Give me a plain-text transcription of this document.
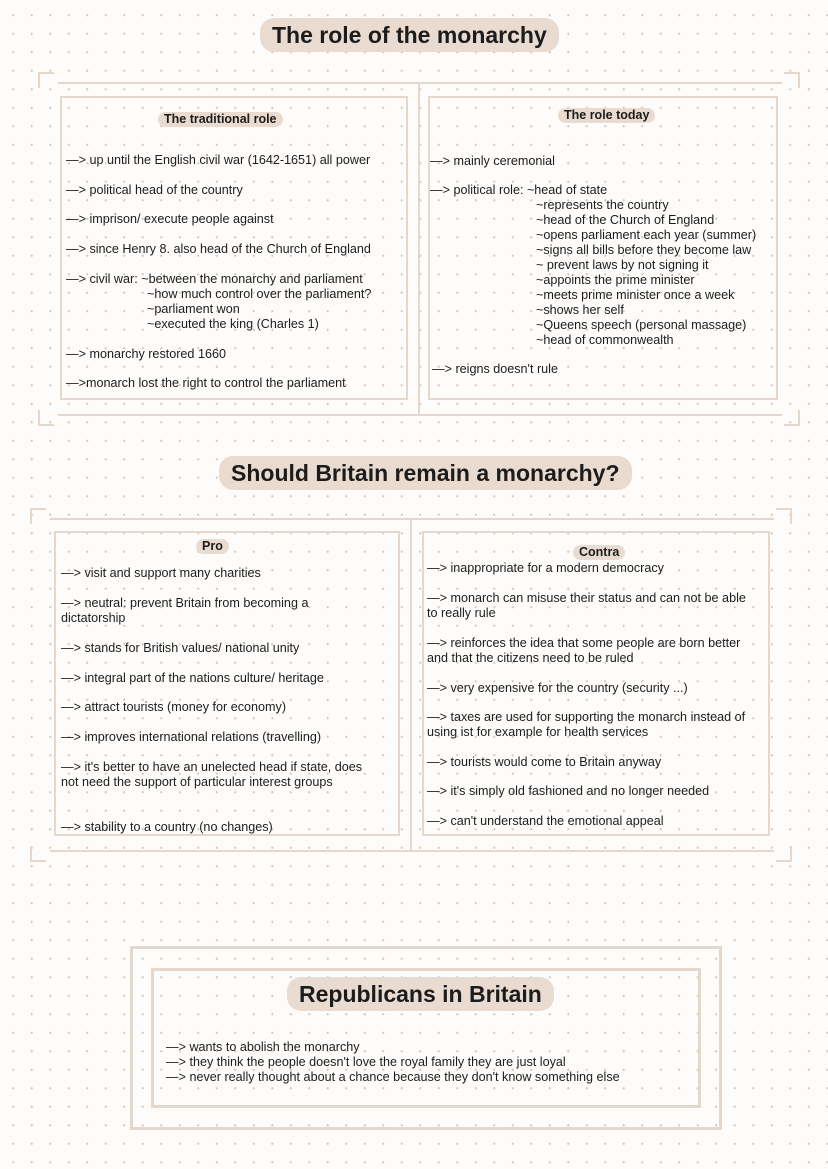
The role of the monarchy
The traditional role	The role today
—> up until the English civil war (1642-1651) all power
—> political head of the country
—> imprison/ execute people against
—> since Henry 8. also head of the Church of England
—> civil war: ~between the monarchy and parliament
~how much control over the parliament?
~parliament won
~executed the king (Charles 1)
—> monarchy restored 1660
—>monarch lost the right to control the parliament
—> mainly ceremonial
—> political role: ~head of state
~represents the country
~head of the Church of England
~opens parliament each year (summer)
~signs all bills before they become law
~ prevent laws by not signing it
~appoints the prime minister
~meets prime minister once a week
~shows her self
~Queens speech (personal massage)
~head of commonwealth
—> reigns doesn't rule
Should Britain remain a monarchy?
Pro	Contra
—> visit and support many charities
—> neutral: prevent Britain from becoming a dictatorship
—> stands for British values/ national unity
—> integral part of the nations culture/ heritage
—> attract tourists (money for economy)
—> improves international relations (travelling)
—> it's better to have an unelected head if state, does not need the support of particular interest groups
—> stability to a country (no changes)
—> inappropriate for a modern democracy
—> monarch can misuse their status and can not be able to really rule
—> reinforces the idea that some people are born better and that the citizens need to be ruled
—> very expensive for the country (security ...)
—> taxes are used for supporting the monarch instead of using ist for example for health services
—> tourists would come to Britain anyway
—> it's simply old fashioned and no longer needed
—> can't understand the emotional appeal
Republicans in Britain
—> wants to abolish the monarchy
—> they think the people doesn't love the royal family they are just loyal
—> never really thought about a chance because they don't know something else
